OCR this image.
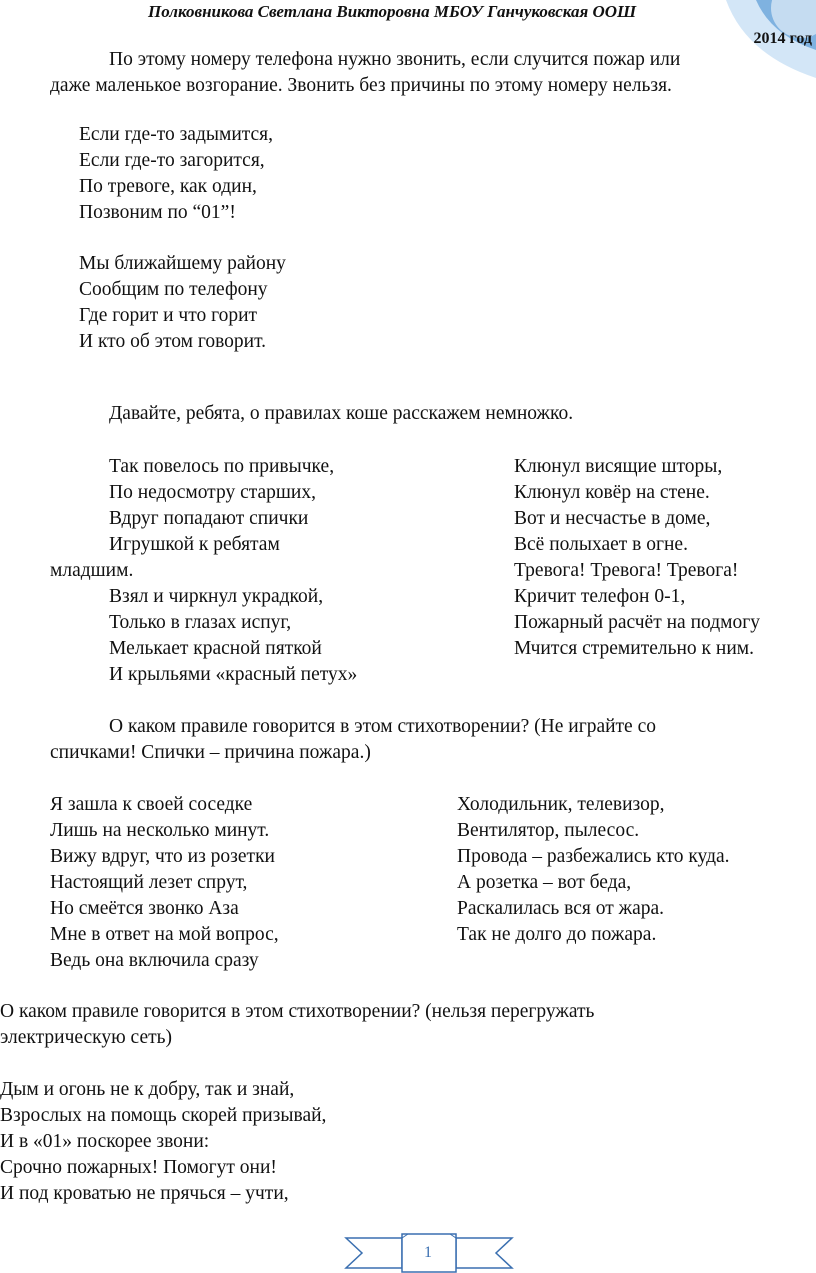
Полковникова Светлана Викторовна МБОУ Ганчуковская ООШ
2014 год
По этому номеру телефона нужно звонить, если случится пожар или
даже маленькое возгорание. Звонить без причины по этому номеру нельзя.
Если где-то задымится,
Если где-то загорится,
По тревоге, как один,
Позвоним по “01”!
Мы ближайшему району
Сообщим по телефону
Где горит и что горит
И кто об этом говорит.
Давайте, ребята, о правилах коше расскажем немножко.
Так повелось по привычке,
По недосмотру старших,
Вдруг попадают спички
Игрушкой к ребятам
младшим.
Взял и чиркнул украдкой,
Только в глазах испуг,
Мелькает красной пяткой
И крыльями «красный петух»
Клюнул висящие шторы,
Клюнул ковёр на стене.
Вот и несчастье в доме,
Всё полыхает в огне.
Тревога! Тревога! Тревога!
Кричит телефон 0-1,
Пожарный расчёт на подмогу
Мчится стремительно к ним.
О каком правиле говорится в этом стихотворении? (Не играйте со
спичками! Спички – причина пожара.)
Я зашла к своей соседке
Лишь на несколько минут.
Вижу вдруг, что из розетки
Настоящий лезет спрут,
Но смеётся звонко Аза
Мне в ответ на мой вопрос,
Ведь она включила сразу
Холодильник, телевизор,
Вентилятор, пылесос.
Провода – разбежались кто куда.
А розетка – вот беда,
Раскалилась вся от жара.
Так не долго до пожара.
О каком правиле говорится в этом стихотворении? (нельзя перегружать
электрическую сеть)
Дым и огонь не к добру, так и знай,
Взрослых на помощь скорей призывай,
И в «01» поскорее звони:
Срочно пожарных! Помогут они!
И под кроватью не прячься – учти,
1
